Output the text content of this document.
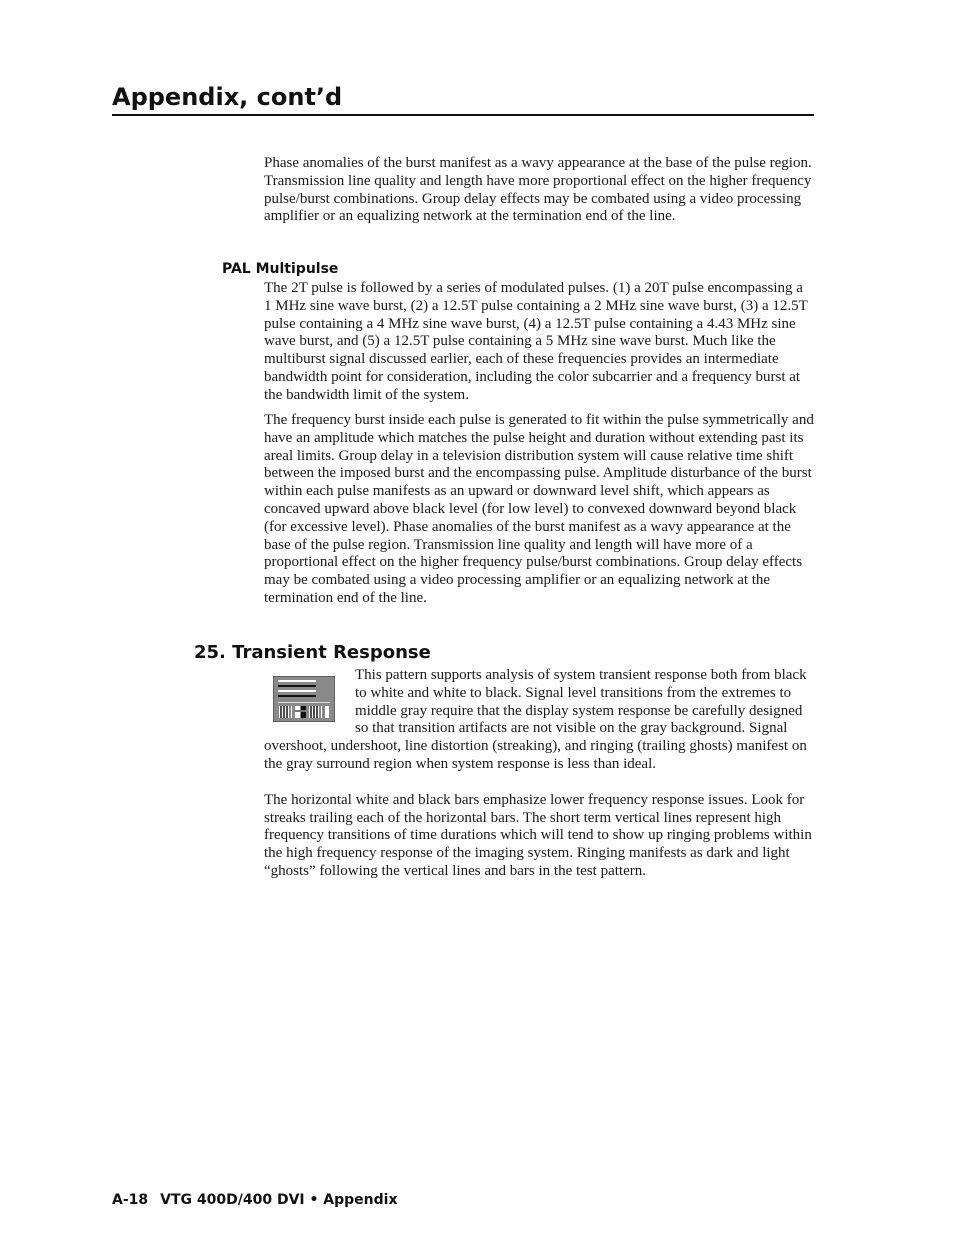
Appendix, cont’d

Phase anomalies of the burst manifest as a wavy appearance at the base of the pulse region. Transmission line quality and length have more proportional effect on the higher frequency pulse/burst combinations. Group delay effects may be combated using a video processing amplifier or an equalizing network at the termination end of the line.

PAL Multipulse

The 2T pulse is followed by a series of modulated pulses. (1) a 20T pulse encompassing a 1 MHz sine wave burst, (2) a 12.5T pulse containing a 2 MHz sine wave burst, (3) a 12.5T pulse containing a 4 MHz sine wave burst, (4) a 12.5T pulse containing a 4.43 MHz sine wave burst, and (5) a 12.5T pulse containing a 5 MHz sine wave burst. Much like the multiburst signal discussed earlier, each of these frequencies provides an intermediate bandwidth point for consideration, including the color subcarrier and a frequency burst at the bandwidth limit of the system.

The frequency burst inside each pulse is generated to fit within the pulse symmetrically and have an amplitude which matches the pulse height and duration without extending past its areal limits. Group delay in a television distribution system will cause relative time shift between the imposed burst and the encompassing pulse. Amplitude disturbance of the burst within each pulse manifests as an upward or downward level shift, which appears as concaved upward above black level (for low level) to convexed downward beyond black (for excessive level). Phase anomalies of the burst manifest as a wavy appearance at the base of the pulse region. Transmission line quality and length will have more of a proportional effect on the higher frequency pulse/burst combinations. Group delay effects may be combated using a video processing amplifier or an equalizing network at the termination end of the line.

25. Transient Response

This pattern supports analysis of system transient response both from black to white and white to black. Signal level transitions from the extremes to middle gray require that the display system response be carefully designed so that transition artifacts are not visible on the gray background. Signal overshoot, undershoot, line distortion (streaking), and ringing (trailing ghosts) manifest on the gray surround region when system response is less than ideal.

The horizontal white and black bars emphasize lower frequency response issues. Look for streaks trailing each of the horizontal bars. The short term vertical lines represent high frequency transitions of time durations which will tend to show up ringing problems within the high frequency response of the imaging system. Ringing manifests as dark and light “ghosts” following the vertical lines and bars in the test pattern.

A-18 VTG 400D/400 DVI • Appendix
